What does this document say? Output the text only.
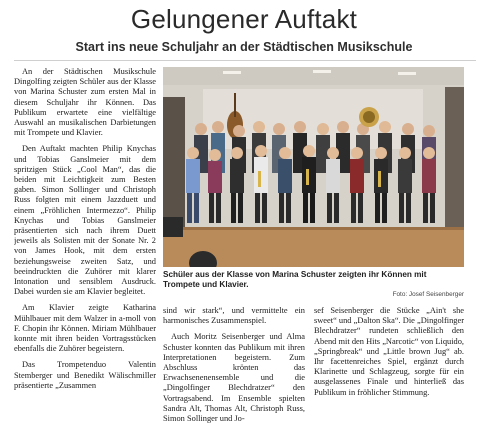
Gelungener Auftakt
Start ins neue Schuljahr an der Städtischen Musikschule

An der Städtischen Musikschule Dingolfing zeigten Schüler aus der Klasse von Marina Schuster zum ersten Mal in diesem Schuljahr ihr Können. Das Publikum erwartete eine vielfältige Auswahl an musikalischen Darbietungen mit Trompete und Klavier.

Den Auftakt machten Philip Knychas und Tobias Ganslmeier mit dem spritzigen Stück „Cool Man“, das die beiden mit Leichtigkeit zum Besten gaben. Simon Sollinger und Christoph Russ folgten mit einem Jazzduett und einem „Fröhlichen Intermezzo“. Philip Knychas und Tobias Ganslmeier präsentierten sich nach ihrem Duett jeweils als Solisten mit der Sonate Nr. 2 von James Hook, mit dem ersten beziehungsweise zweiten Satz, und beeindruckten die Zuhörer mit klarer Intonation und sensiblem Ausdruck. Dabei wurden sie am Klavier begleitet.

Am Klavier zeigte Katharina Mühlbauer mit dem Walzer in a-moll von F. Chopin ihr Können. Miriam Mühlbauer konnte mit ihren beiden Vortragsstücken ebenfalls die Zuhörer begeistern.

Das Trompetenduo Valentin Stemberger und Benedikt Wälischmiller präsentierte „Zusammen

Schüler aus der Klasse von Marina Schuster zeigten ihr Können mit Trompete und Klavier.
Foto: Josef Seisenberger

sind wir stark“, und vermittelte ein harmonisches Zusammenspiel.

Auch Moritz Seisenberger und Alma Schuster konnten das Publikum mit ihren Interpretationen begeistern. Zum Abschluss krönten das Erwachsenenensemble und die „Dingolfinger Blechdratzer“ den Vortragsabend. Im Ensemble spielten Sandra Alt, Thomas Alt, Christoph Russ, Simon Sollinger und Jo-

sef Seisenberger die Stücke „Ain't she sweet“ und „Dalton Ska“. Die „Dingolfinger Blechdratzer“ rundeten schließlich den Abend mit den Hits „Narcotic“ von Liquido, „Springbreak“ und „Little brown Jug“ ab. Ihr facettenreiches Spiel, ergänzt durch Klarinette und Schlagzeug, sorgte für ein ausgelassenes Finale und hinterließ das Publikum in fröhlicher Stimmung.
